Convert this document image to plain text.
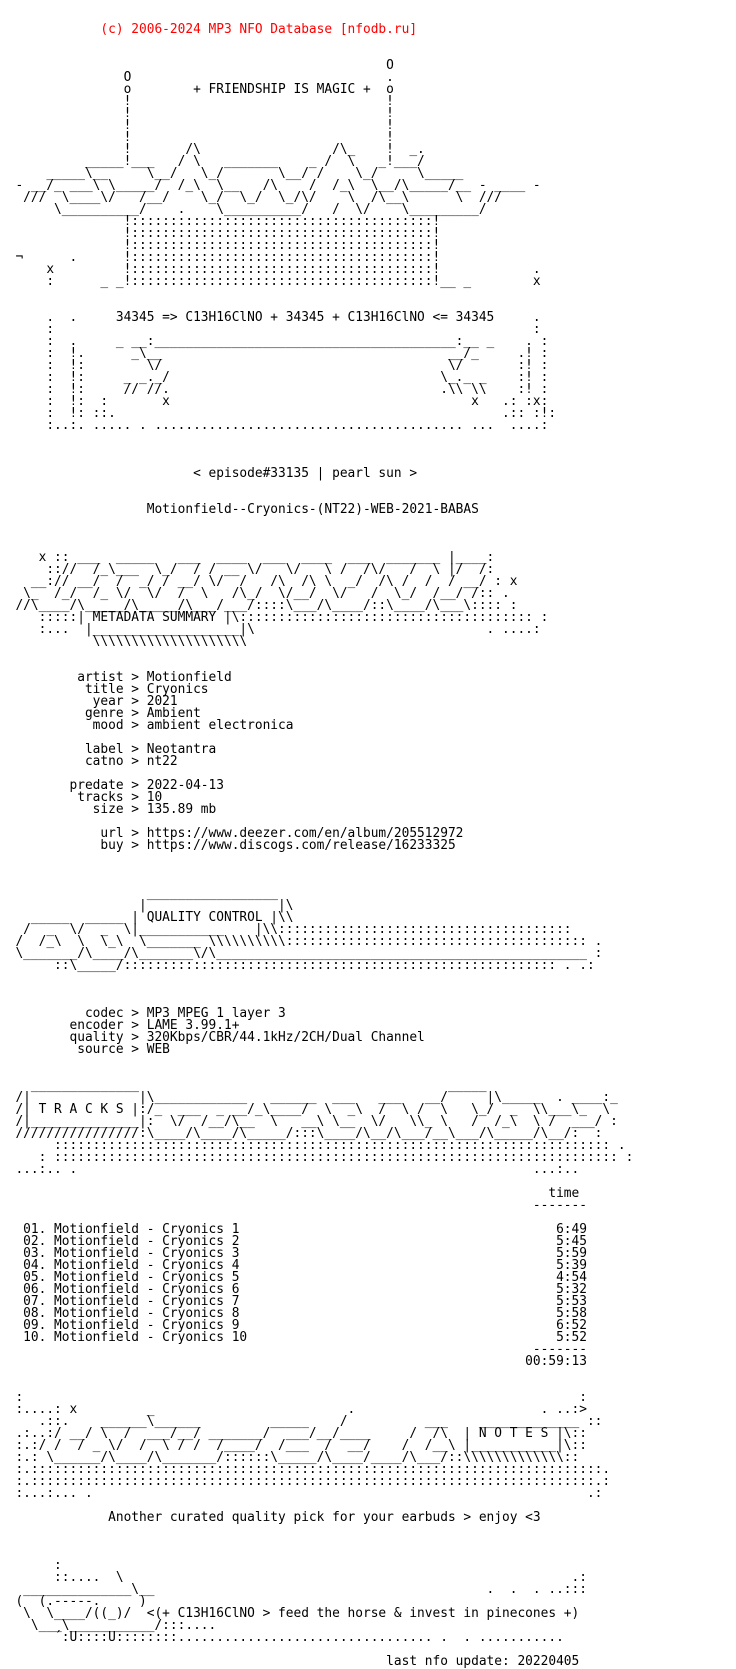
(c) 2006-2024 MP3 NFO Database [nfodb.ru]

O
O                                 .
o        + FRIENDSHIP IS MAGIC +  o
!                                 !
!                                 !
!                                 !
!                                 !
!       /\                 /\_    !  _.
_____!___   / \   _______    _ /  \   _!___/
_____\__     \__/   \_/       \__/ /    \_/     \_____
- __/_ ___\ \_____/  /_\  \__   /\    /  /_\  \__/\_____/__ - ____ -
///  \____\/   /__/    \_/  \_/  \_/\/    \  /\__\      \  ///
\__________/    .    \__________/   /  \/    \_________/
!:::::::::::::::::::::::::::::::::::::::!
!:::::::::::::::::::::::::::::::::::::::!
!:::::::::::::::::::::::::::::::::::::::!
¬      .      !:::::::::::::::::::::::::::::::::::::::!
x         !:::::::::::::::::::::::::::::::::::::::!            .
:      _ _!:::::::::::::::::::::::::::::::::::::::!__ _        x

.  .     34345 => C13H16ClNO + 34345 + C13H16ClNO <= 34345     .
:                                                              :
:  .     _ __:_______________________________________:__ _    . :
:  !.      _\__                                     __/_     .! :
:  !:        \/                                     \/       :! :
:  !:     _ _._/                                   \_._ _    :! :
:  !:     // //.                                   .\\ \\    :! :
:  !:  :       x                                       x   .: :x:
:  !: ::.                                                  .:: :!:
:..:. ..... . ........................................ ...  ....:

< episode#33135 | pearl sun >

Motionfield--Cryonics-(NT22)-WEB-2021-BABAS

x :: ___  _____   ___  ____  ___  ____  ___  _______ |____:
:://  /_\___  \_/  / / __ \/   \/   \ /  /\/   /  \ |/  /:
__:// __/  /  _/ / __/ \/  /   /\  /\ \  _/  /\ /  /  / __/ : x
\_  /_/  /_ \/  \/  /  \   /\_/  \/__/  \/   /  \_/  /__/ /:: .
//\____/\_____/\_____/\___/___/::::\___/\____/::\____/\___\:::: :
:::::| METADATA SUMMARY |\:::::::::::::::::::::::::::::::::::::: :
:...  |___________________|\                              . ....:
\\\\\\\\\\\\\\\\\\\\

artist > Motionfield
title > Cryonics
year > 2021
genre > Ambient
mood > ambient electronica

label > Neotantra
catno > nt22

predate > 2022-04-13
tracks > 10
size > 135.89 mb

url > https://www.deezer.com/en/album/205512972
buy > https://www.discogs.com/release/16233325

_________________
|                 |\
_____  _____ | QUALITY CONTROL |\\
/  _  \/  _  \|___________    |\\::::::::::::::::::::::::::::::::::::::
/  /_\  \  \_\  \_______ \\\\\\\\\\::::::::::::::::::::::::::::::::::::::: .
\_______/\____/\_______\/\________________________________________________ :
::\_____/:::::::::::::::::::::::::::::::::::::::::::::::::::::::: . .:

codec > MP3 MPEG 1 layer 3
encoder > LAME 3.99.1+
quality > 320Kbps/CBR/44.1kHz/2CH/Dual Channel
source > WEB

______________                                        _____
/|              |\____________   ______  ___   ___   __/     |\_____  . ____:_
/| T R A C K S |:/_  ___  _ __/_\____/  \  _\  /  \ /  \   \_/  _  \\___\_  \
/|______________|:  \/  /__/\__  \   __\ \__  \/   \\_ \   /  /_\  \ /  ___/ :
////////////////:\____/\____/\_____/:::\____/\__/\___/__\___/\_____/\__/:  :
:::::::::::::::::::::::::::::::::::::::::::::::::::::::::::::::::::::::: .
: ::::::::::::::::::::::::::::::::::::::::::::::::::::::::::::::::::::::::: :
...:.. .                                                           ...:..

time
-------

01. Motionfield - Cryonics 1                                         6:49
02. Motionfield - Cryonics 2                                         5:45
03. Motionfield - Cryonics 3                                         5:59
04. Motionfield - Cryonics 4                                         5:39
05. Motionfield - Cryonics 5                                         4:54
06. Motionfield - Cryonics 6                                         5:32
07. Motionfield - Cryonics 7                                         5:53
08. Motionfield - Cryonics 8                                         5:58
09. Motionfield - Cryonics 9                                         6:52
10. Motionfield - Cryonics 10                                        5:52
-------
00:59:13

:                                                                        :
:....: x         _                         .                        . ..:>
.::.    ______\______         _____    /          ___    _____________ ::
.:..:/ __/ \  /  ___/__/ _______/  ___/__/____     /  /\  | N O T E S |\::
:.:/ /  / _ \/  /  \ / /  /____/  /___  /  __/    /  /__\ |___________|\::
:.: \______/\____/\_______/::::::\_____/\____/____/\___/::\\\\\\\\\\\\\::
:.::::::::::::::::::::::::::::::::::::::::::::::::::::::::::::::::::::::::::.
:.:::::::::::::::::::::::::::::::::::::::::::::::::::::::::::::::::::::::::.:
:...:... .                                                                .:

Another curated quality pick for your earbuds > enjoy <3

:
::....  \                                                          .:
______________\__                                           .  .  . ..:::
(  (.-----.     )
\  \____/((_)/  <(+ C13H16ClNO > feed the horse & invest in pinecones +)
\___\___________/:::....
´:U::::U::::::::................................. .  . ...........

last nfo update: 20220405
